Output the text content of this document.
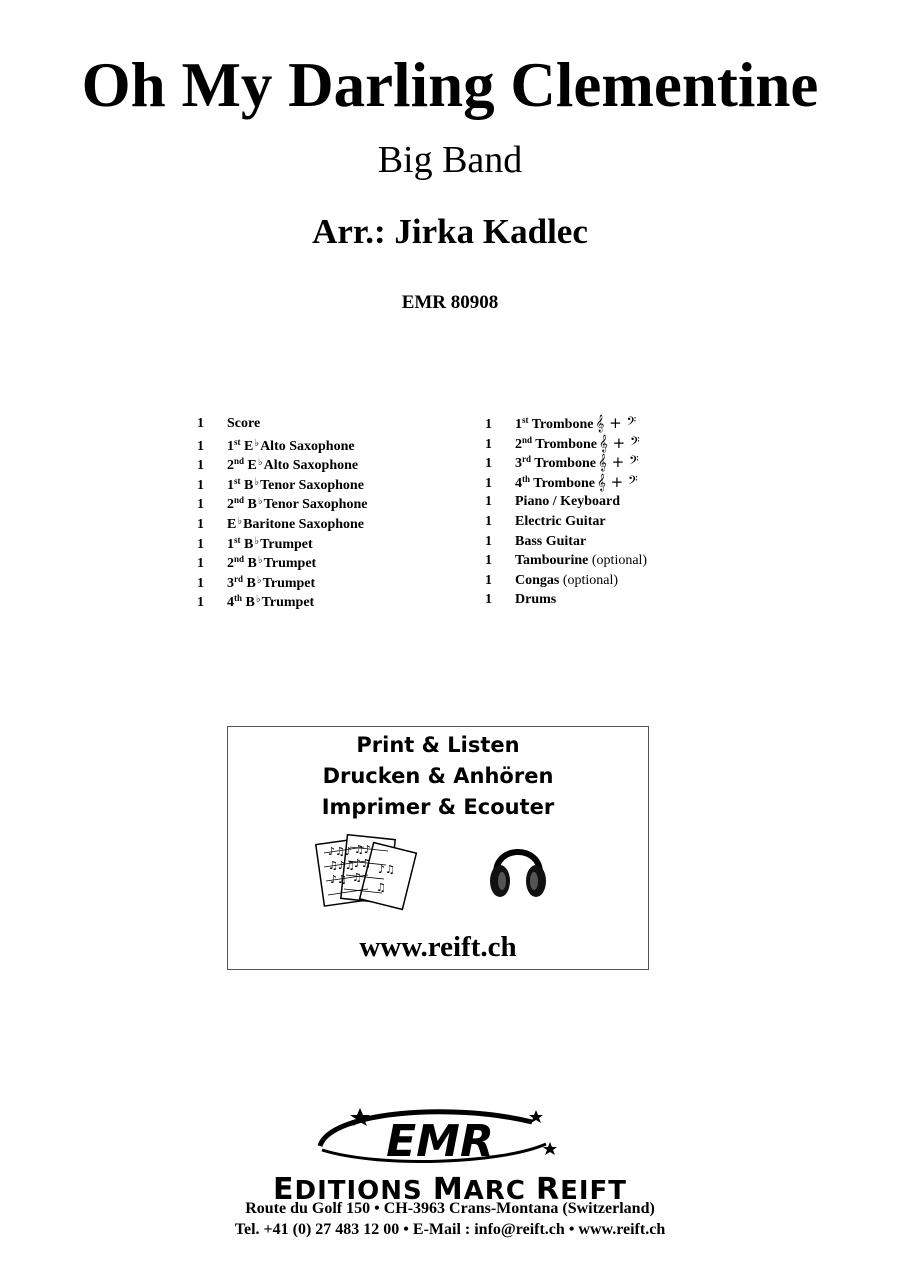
Oh My Darling Clementine
Big Band
Arr.: Jirka Kadlec
EMR 80908
1 Score
1 1st E♭Alto Saxophone
1 2nd E♭Alto Saxophone
1 1st B♭Tenor Saxophone
1 2nd B♭Tenor Saxophone
1 E♭Baritone Saxophone
1 1st B♭Trumpet
1 2nd B♭Trumpet
1 3rd B♭Trumpet
1 4th B♭Trumpet
1 1st Trombone 𝄞 + 𝄢
1 2nd Trombone 𝄞 + 𝄢
1 3rd Trombone 𝄞 + 𝄢
1 4th Trombone 𝄞 + 𝄢
1 Piano / Keyboard
1 Electric Guitar
1 Bass Guitar
1 Tambourine (optional)
1 Congas (optional)
1 Drums
Print & Listen
Drucken & Anhören
Imprimer & Ecouter
♪♫♪
♫♪♫
♪♫
♫♪
♪♫
♫
♪♫
♫
www.reift.ch
EMR
EDITIONS MARC REIFT
Route du Golf 150 • CH-3963 Crans-Montana (Switzerland)
Tel. +41 (0) 27 483 12 00 • E-Mail : info@reift.ch • www.reift.ch
